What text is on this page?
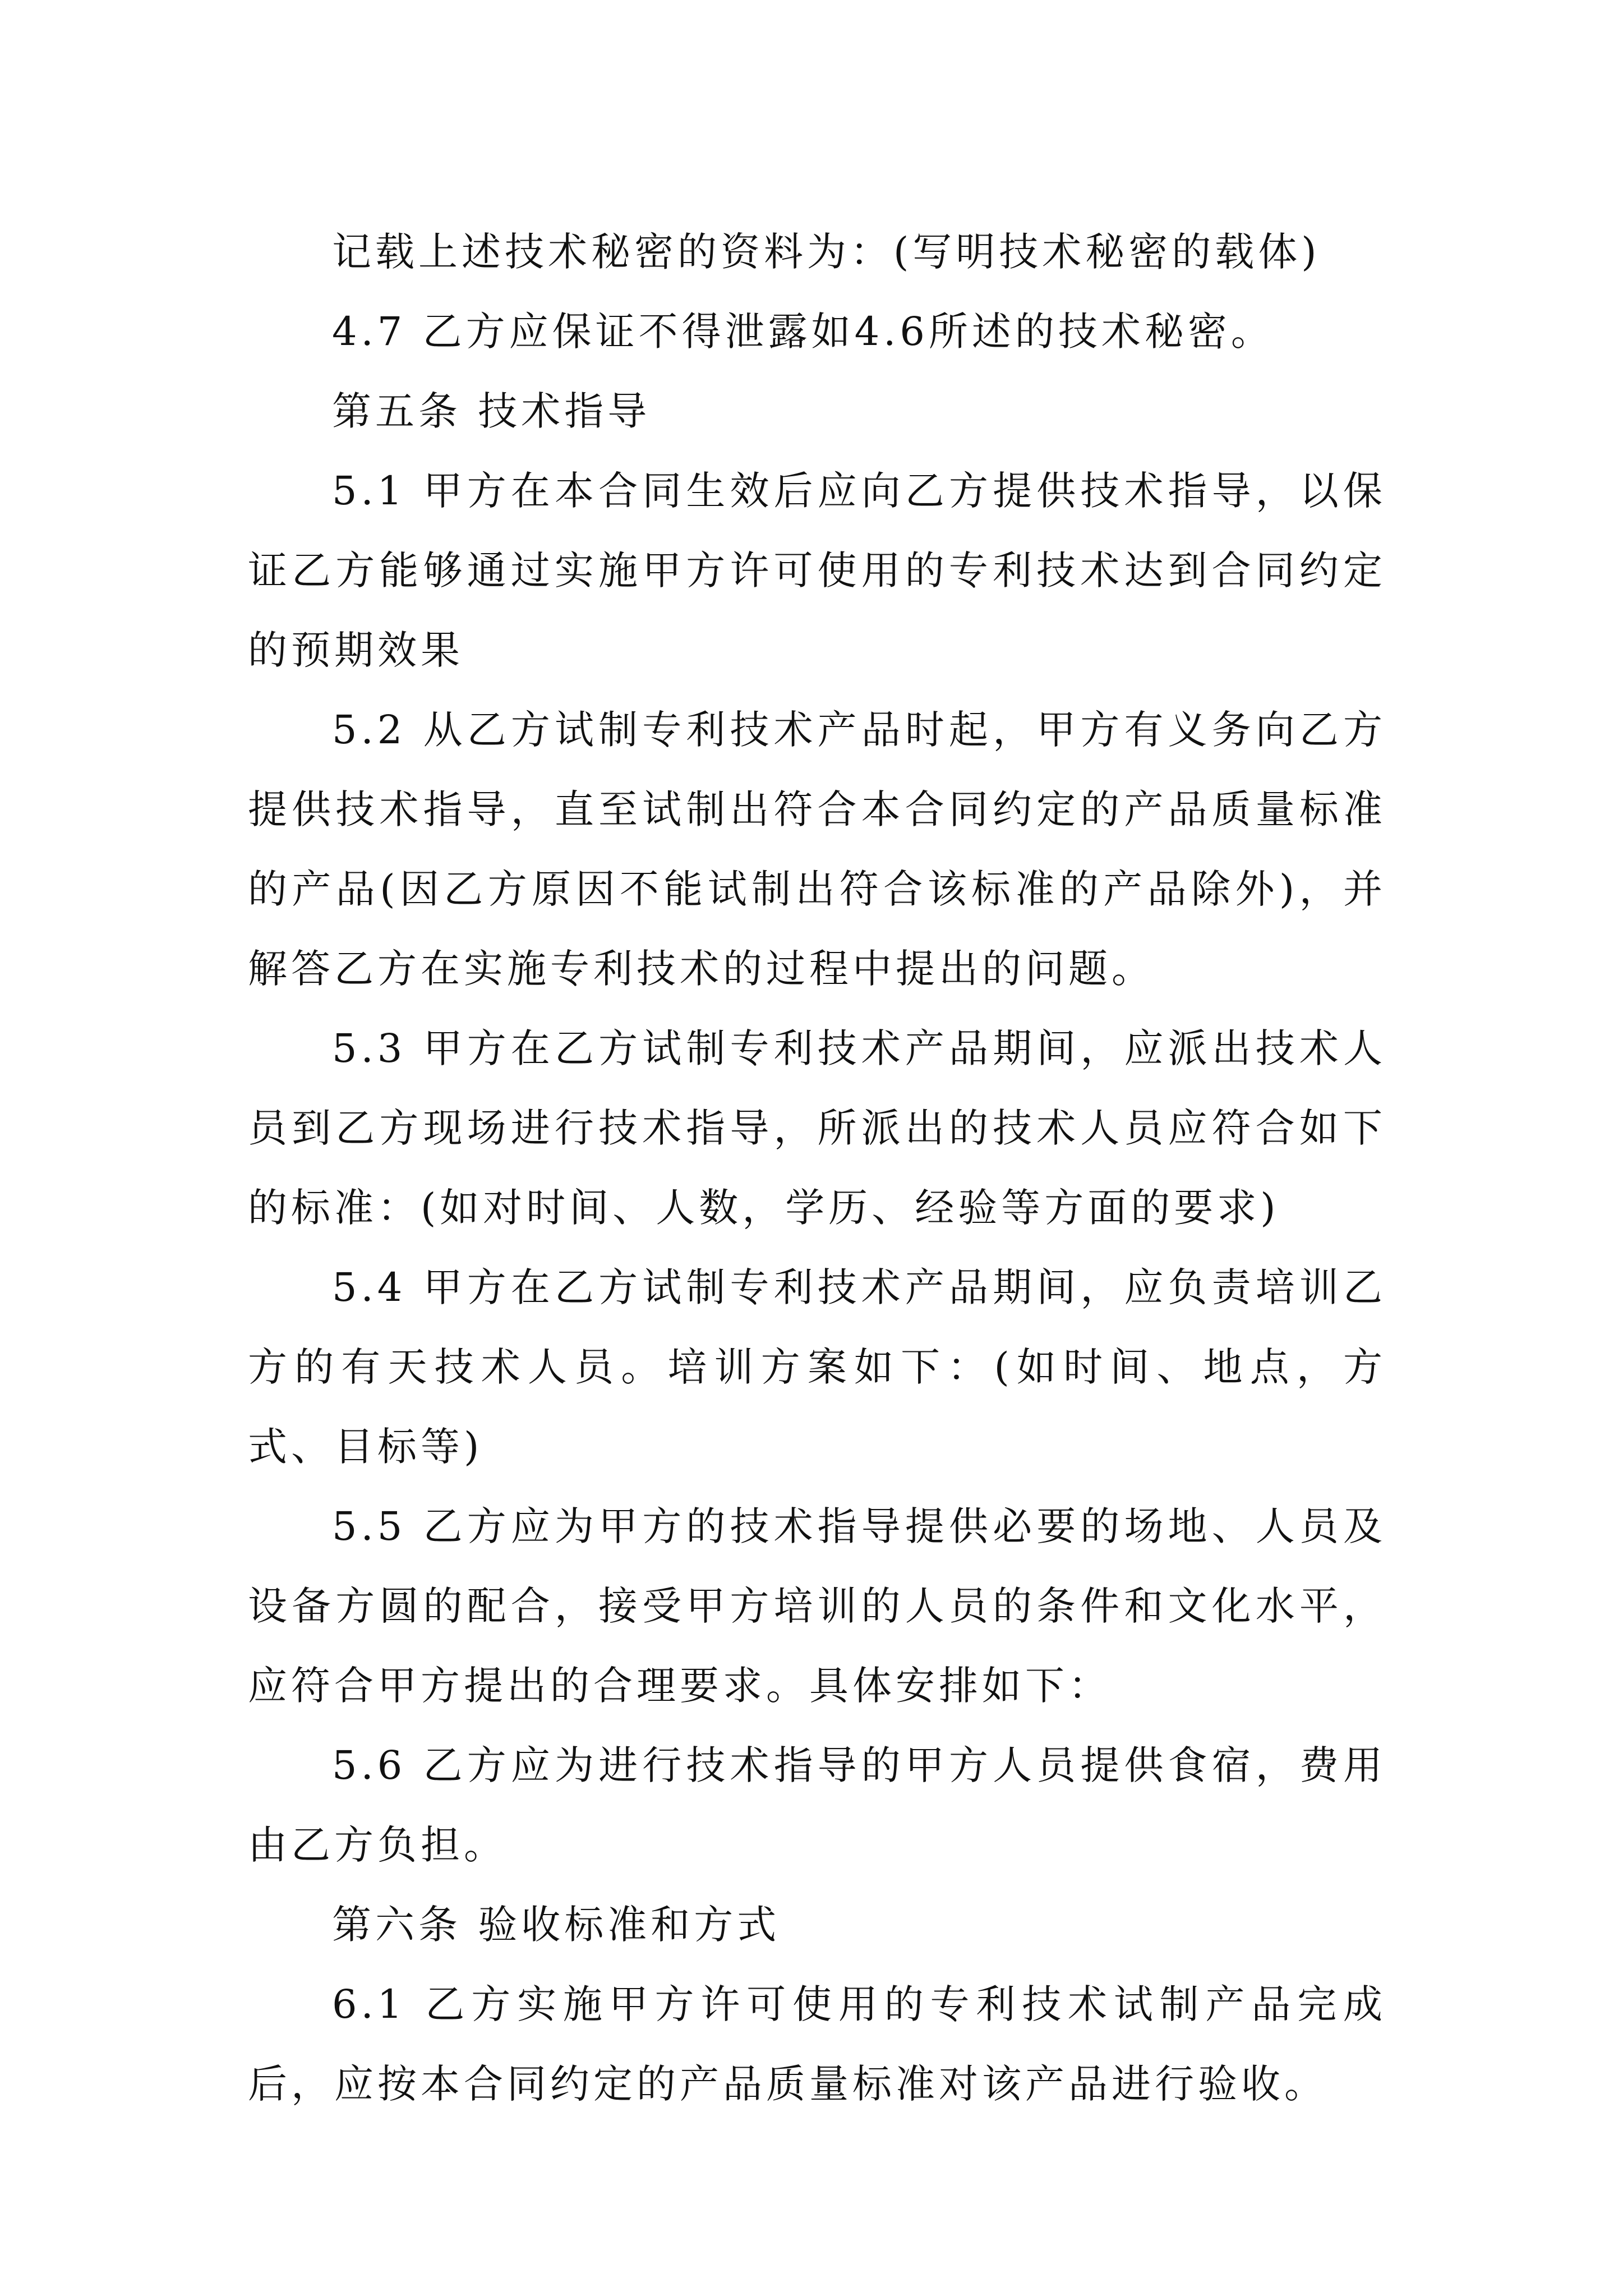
记载上述技术秘密的资料为：(写明技术秘密的载体)

4.7 乙方应保证不得泄露如4.6所述的技术秘密。

第五条 技术指导

5.1 甲方在本合同生效后应向乙方提供技术指导，以保证乙方能够通过实施甲方许可使用的专利技术达到合同约定的预期效果

5.2 从乙方试制专利技术产品时起，甲方有义务向乙方提供技术指导，直至试制出符合本合同约定的产品质量标准的产品(因乙方原因不能试制出符合该标准的产品除外)，并解答乙方在实施专利技术的过程中提出的问题。

5.3 甲方在乙方试制专利技术产品期间，应派出技术人员到乙方现场进行技术指导，所派出的技术人员应符合如下的标准：(如对时间、人数，学历、经验等方面的要求)

5.4 甲方在乙方试制专利技术产品期间，应负责培训乙方的有天技术人员。培训方案如下：(如时间、地点，方式、目标等)

5.5 乙方应为甲方的技术指导提供必要的场地、人员及设备方圆的配合，接受甲方培训的人员的条件和文化水平，应符合甲方提出的合理要求。具体安排如下：

5.6 乙方应为进行技术指导的甲方人员提供食宿，费用由乙方负担。

第六条 验收标准和方式

6.1 乙方实施甲方许可使用的专利技术试制产品完成后，应按本合同约定的产品质量标准对该产品进行验收。
